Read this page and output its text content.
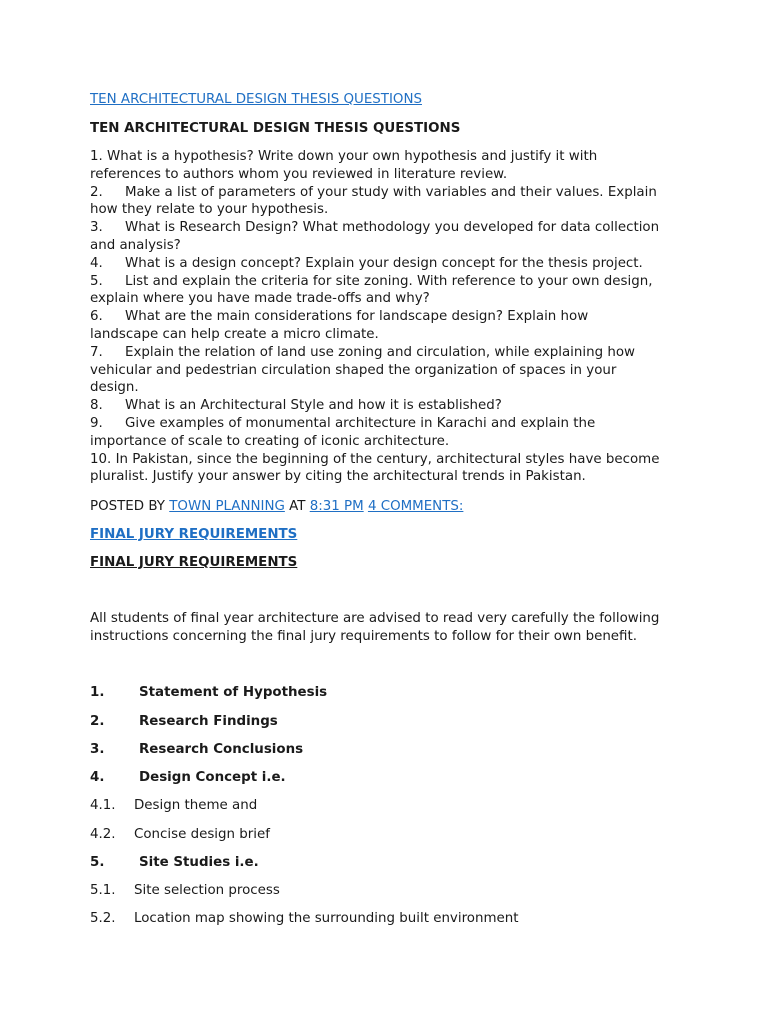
TEN ARCHITECTURAL DESIGN THESIS QUESTIONS
TEN ARCHITECTURAL DESIGN THESIS QUESTIONS
1. What is a hypothesis? Write down your own hypothesis and justify it with
references to authors whom you reviewed in literature review.
2. Make a list of parameters of your study with variables and their values. Explain
how they relate to your hypothesis.
3. What is Research Design? What methodology you developed for data collection
and analysis?
4. What is a design concept? Explain your design concept for the thesis project.
5. List and explain the criteria for site zoning. With reference to your own design,
explain where you have made trade-offs and why?
6. What are the main considerations for landscape design? Explain how
landscape can help create a micro climate.
7. Explain the relation of land use zoning and circulation, while explaining how
vehicular and pedestrian circulation shaped the organization of spaces in your
design.
8. What is an Architectural Style and how it is established?
9. Give examples of monumental architecture in Karachi and explain the
importance of scale to creating of iconic architecture.
10. In Pakistan, since the beginning of the century, architectural styles have become
pluralist. Justify your answer by citing the architectural trends in Pakistan.
POSTED BY TOWN PLANNING AT 8:31 PM 4 COMMENTS:
FINAL JURY REQUIREMENTS
FINAL JURY REQUIREMENTS
All students of final year architecture are advised to read very carefully the following
instructions concerning the final jury requirements to follow for their own benefit.
1.	Statement of Hypothesis
2.	Research Findings
3.	Research Conclusions
4.	Design Concept i.e.
4.1. Design theme and
4.2. Concise design brief
5.	Site Studies i.e.
5.1. Site selection process
5.2. Location map showing the surrounding built environment
